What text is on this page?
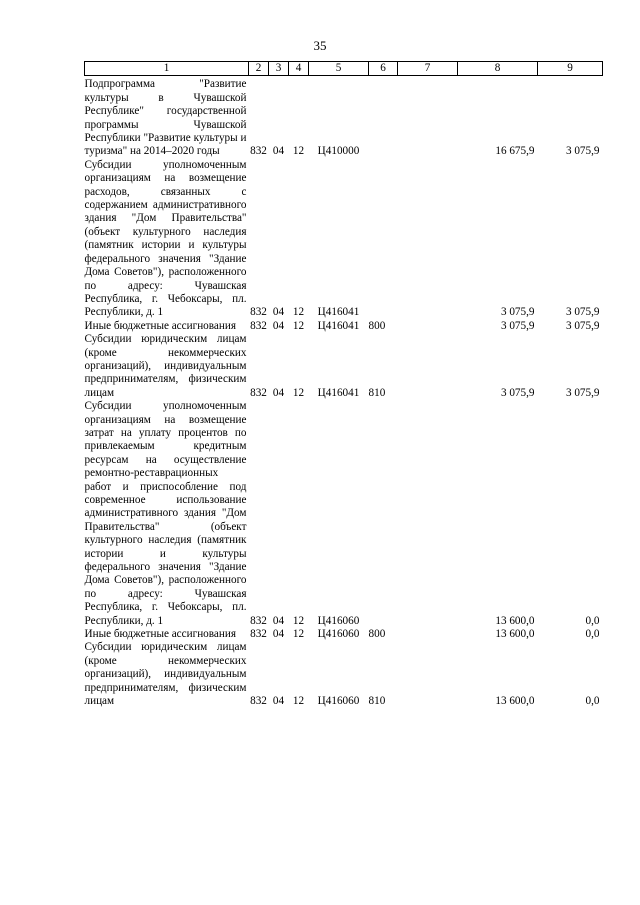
35
1	2	3	4	5	6	7	8	9
Подпрограмма "Развитие культуры в Чувашской Республике" государственной программы Чувашской Республики "Развитие культуры и туризма" на 2014–2020 годы	832	04	12	Ц410000			16 675,9	3 075,9
Субсидии уполномоченным организациям на возмещение расходов, связанных с содержанием административного здания "Дом Правительства" (объект культурного наследия (памятник истории и культуры федерального значения "Здание Дома Советов"), расположенного по адресу: Чувашская Республика, г. Чебоксары, пл. Республики, д. 1	832	04	12	Ц416041			3 075,9	3 075,9
Иные бюджетные ассигнования	832	04	12	Ц416041	800		3 075,9	3 075,9
Субсидии юридическим лицам (кроме некоммерческих организаций), индивидуальным предпринимателям, физическим лицам	832	04	12	Ц416041	810		3 075,9	3 075,9
Субсидии уполномоченным организациям на возмещение затрат на уплату процентов по привлекаемым кредитным ресурсам на осуществление ремонтно-реставрационных работ и приспособление под современное использование административного здания "Дом Правительства" (объект культурного наследия (памятник истории и культуры федерального значения "Здание Дома Советов"), расположенного по адресу: Чувашская Республика, г. Чебоксары, пл. Республики, д. 1	832	04	12	Ц416060			13 600,0	0,0
Иные бюджетные ассигнования	832	04	12	Ц416060	800		13 600,0	0,0
Субсидии юридическим лицам (кроме некоммерческих организаций), индивидуальным предпринимателям, физическим лицам	832	04	12	Ц416060	810		13 600,0	0,0
